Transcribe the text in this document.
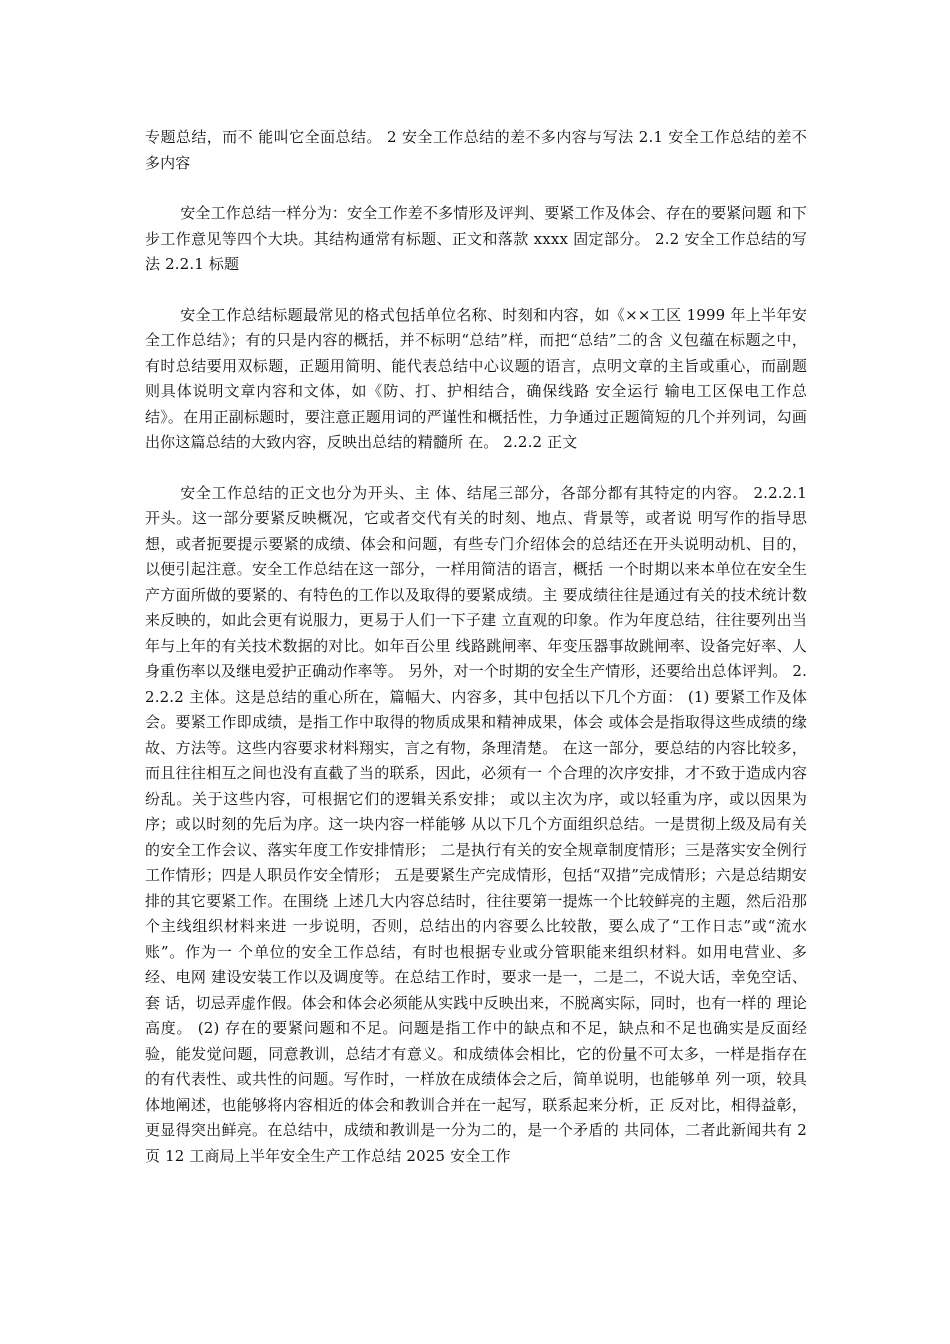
专题总结，而不 能叫它全面总结。 2 安全工作总结的差不多内容与写法 2.1 安全工作总结的差不多内容

安全工作总结一样分为：安全工作差不多情形及评判、要紧工作及体会、存在的要紧问题 和下步工作意见等四个大块。其结构通常有标题、正文和落款 xxxx 固定部分。 2.2 安全工作总结的写法 2.2.1 标题

安全工作总结标题最常见的格式包括单位名称、时刻和内容，如《××工区 1999 年上半年安全工作总结》；有的只是内容的概括，并不标明“总结”样，而把“总结”二的含 义包蕴在标题之中，有时总结要用双标题，正题用简明、能代表总结中心议题的语言，点明文章的主旨或重心，而副题则具体说明文章内容和文体，如《防、打、护相结合，确保线路 安全运行 输电工区保电工作总结》。在用正副标题时，要注意正题用词的严谨性和概括性，力争通过正题简短的几个并列词，勾画出你这篇总结的大致内容，反映出总结的精髓所 在。 2.2.2 正文

安全工作总结的正文也分为开头、主 体、结尾三部分，各部分都有其特定的内容。 2.2.2.1 开头。这一部分要紧反映概况，它或者交代有关的时刻、地点、背景等，或者说 明写作的指导思想，或者扼要提示要紧的成绩、体会和问题，有些专门介绍体会的总结还在开头说明动机、目的，以便引起注意。安全工作总结在这一部分，一样用简洁的语言，概括 一个时期以来本单位在安全生产方面所做的要紧的、有特色的工作以及取得的要紧成绩。主 要成绩往往是通过有关的技术统计数来反映的，如此会更有说服力，更易于人们一下子建 立直观的印象。作为年度总结，往往要列出当年与上年的有关技术数据的对比。如年百公里 线路跳闸率、年变压器事故跳闸率、设备完好率、人身重伤率以及继电爱护正确动作率等。 另外，对一个时期的安全生产情形，还要给出总体评判。 2.2.2.2 主体。这是总结的重心所在，篇幅大、内容多，其中包括以下几个方面： (1) 要紧工作及体会。要紧工作即成绩，是指工作中取得的物质成果和精神成果，体会 或体会是指取得这些成绩的缘故、方法等。这些内容要求材料翔实，言之有物，条理清楚。 在这一部分，要总结的内容比较多，而且往往相互之间也没有直截了当的联系，因此，必须有一 个合理的次序安排，才不致于造成内容纷乱。关于这些内容，可根据它们的逻辑关系安排； 或以主次为序，或以轻重为序，或以因果为序；或以时刻的先后为序。这一块内容一样能够 从以下几个方面组织总结。一是贯彻上级及局有关的安全工作会议、落实年度工作安排情形； 二是执行有关的安全规章制度情形；三是落实安全例行工作情形；四是人职员作安全情形； 五是要紧生产完成情形，包括“双措”完成情形；六是总结期安排的其它要紧工作。在围绕 上述几大内容总结时，往往要第一提炼一个比较鲜亮的主题，然后沿那个主线组织材料来进 一步说明，否则，总结出的内容要么比较散，要么成了“工作日志”或“流水账”。作为一 个单位的安全工作总结，有时也根据专业或分管职能来组织材料。如用电营业、多经、电网 建设安装工作以及调度等。在总结工作时，要求一是一，二是二，不说大话，幸免空话、套 话，切忌弄虚作假。体会和体会必须能从实践中反映出来，不脱离实际，同时，也有一样的 理论高度。 (2) 存在的要紧问题和不足。问题是指工作中的缺点和不足，缺点和不足也确实是反面经验，能发觉问题，同意教训，总结才有意义。和成绩体会相比，它的份量不可太多，一样是指存在的有代表性、或共性的问题。写作时，一样放在成绩体会之后，简单说明，也能够单 列一项，较具体地阐述，也能够将内容相近的体会和教训合并在一起写，联系起来分析，正 反对比，相得益彰，更显得突出鲜亮。在总结中，成绩和教训是一分为二的，是一个矛盾的 共同体，二者此新闻共有 2 页 12 工商局上半年安全生产工作总结 2025 安全工作
